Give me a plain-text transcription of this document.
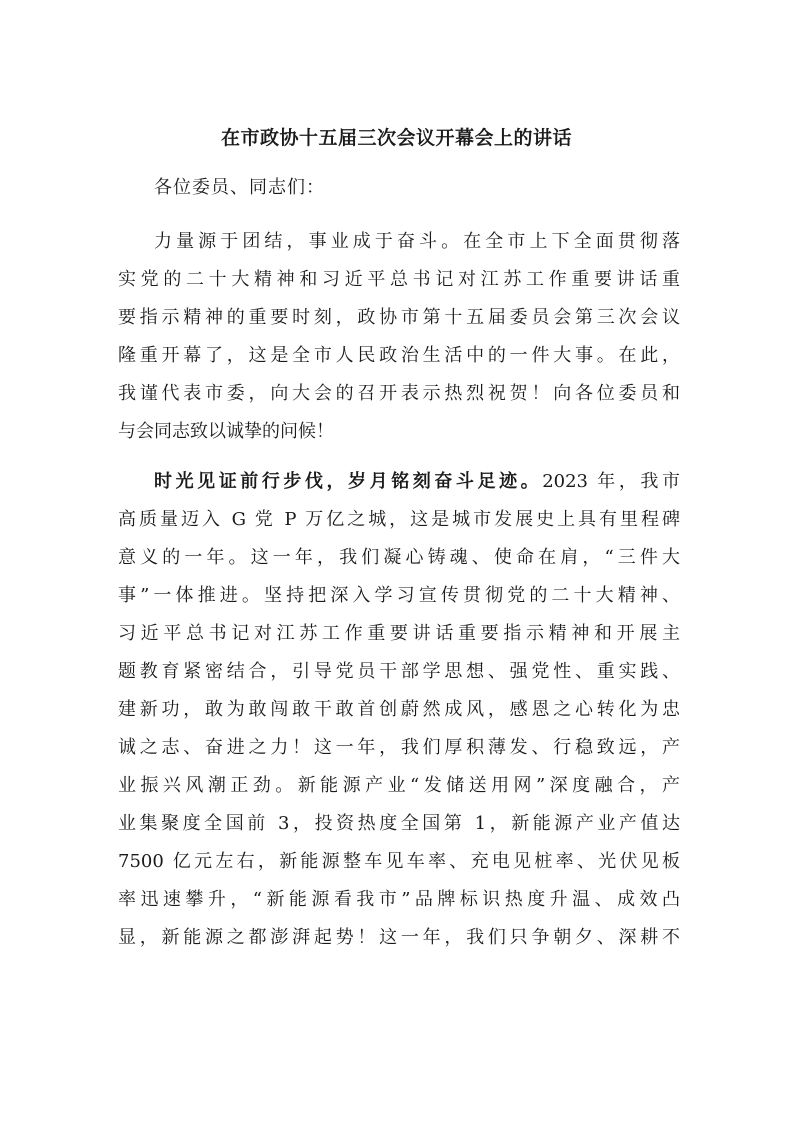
在市政协十五届三次会议开幕会上的讲话
各位委员、同志们：
力量源于团结，事业成于奋斗。在全市上下全面贯彻落
实党的二十大精神和习近平总书记对江苏工作重要讲话重
要指示精神的重要时刻，政协市第十五届委员会第三次会议
隆重开幕了，这是全市人民政治生活中的一件大事。在此，
我谨代表市委，向大会的召开表示热烈祝贺！向各位委员和
与会同志致以诚挚的问候！
时光见证前行步伐，岁月铭刻奋斗足迹。2023 年，我市
高质量迈入 G 党 P 万亿之城，这是城市发展史上具有里程碑
意义的一年。这一年，我们凝心铸魂、使命在肩，“三件大
事”一体推进。坚持把深入学习宣传贯彻党的二十大精神、
习近平总书记对江苏工作重要讲话重要指示精神和开展主
题教育紧密结合，引导党员干部学思想、强党性、重实践、
建新功，敢为敢闯敢干敢首创蔚然成风，感恩之心转化为忠
诚之志、奋进之力！这一年，我们厚积薄发、行稳致远，产
业振兴风潮正劲。新能源产业“发储送用网”深度融合，产
业集聚度全国前 3，投资热度全国第 1，新能源产业产值达
7500 亿元左右，新能源整车见车率、充电见桩率、光伏见板
率迅速攀升，“新能源看我市”品牌标识热度升温、成效凸
显，新能源之都澎湃起势！这一年，我们只争朝夕、深耕不
